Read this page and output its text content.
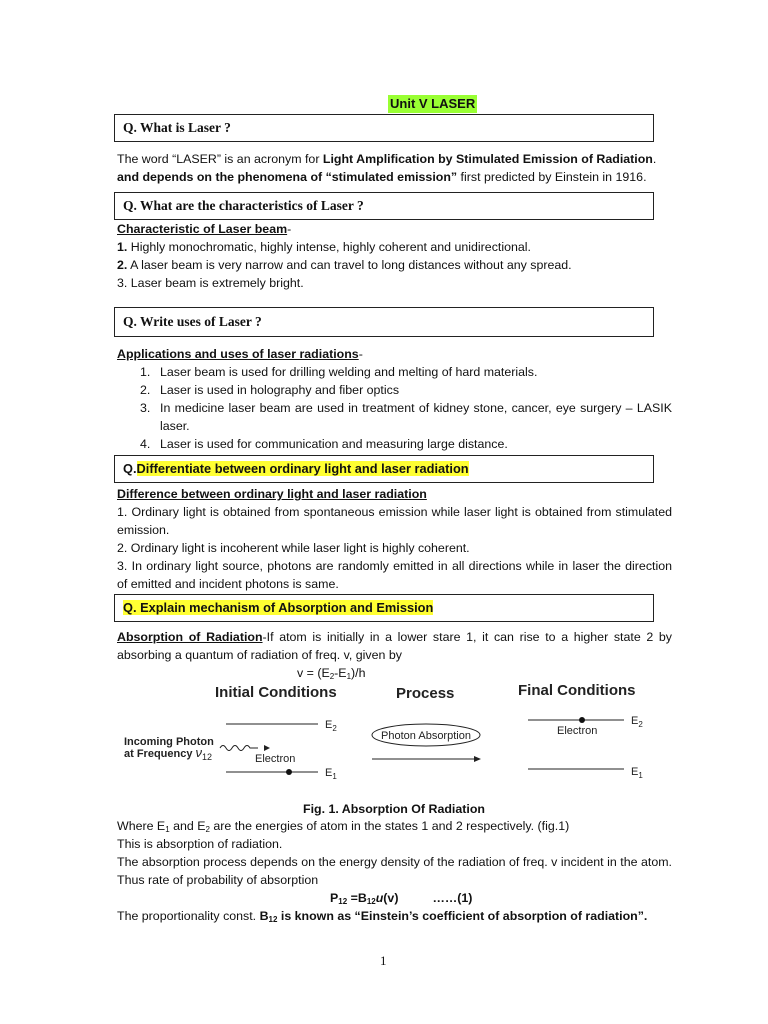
Unit V LASER
Q. What is Laser ?
The word “LASER” is an acronym for Light Amplification by Stimulated Emission of Radiation.
and depends on the phenomena of “stimulated emission” first predicted by Einstein in 1916.
Q. What are the characteristics of Laser ?
Characteristic of Laser beam-
1. Highly monochromatic, highly intense, highly coherent and unidirectional.
2. A laser beam is very narrow and can travel to long distances without any spread.
3. Laser beam is extremely bright.
Q. Write uses of Laser ?
Applications and uses of laser radiations-
1. Laser beam is used for drilling welding and melting of hard materials.
2. Laser is used in holography and fiber optics
3. In medicine laser beam are used in treatment of kidney stone, cancer, eye surgery – LASIK laser.
4. Laser is used for communication and measuring large distance.
Q.Differentiate between ordinary light and laser radiation
Difference between ordinary light and laser radiation
1. Ordinary light is obtained from spontaneous emission while laser light is obtained from stimulated emission.
2. Ordinary light is incoherent while laser light is highly coherent.
3. In ordinary light source, photons are randomly emitted in all directions while in laser the direction of emitted and incident photons is same.
Q. Explain mechanism of Absorption and Emission
Absorption of Radiation-If atom is initially in a lower stare 1, it can rise to a higher state 2 by absorbing a quantum of radiation of freq. v, given by
$v = (E_2-E_1)/h$
Initial Conditions	Process	Final Conditions
$E_2$
$E_1$
Electron
Incoming Photon
at Frequency $\nu_{12}$
Photon Absorption
$E_2$
Electron
$E_1$
Fig. 1. Absorption Of Radiation
Where $E_1$ and $E_2$ are the energies of atom in the states 1 and 2 respectively. (fig.1)
This is absorption of radiation.
The absorption process depends on the energy density of the radiation of freq. v incident in the atom. Thus rate of probability of absorption
$P_{12} =B_{12}u(v)$	……(1)
The proportionality const. $B_{12}$ is known as “Einstein’s coefficient of absorption of radiation”.
1
